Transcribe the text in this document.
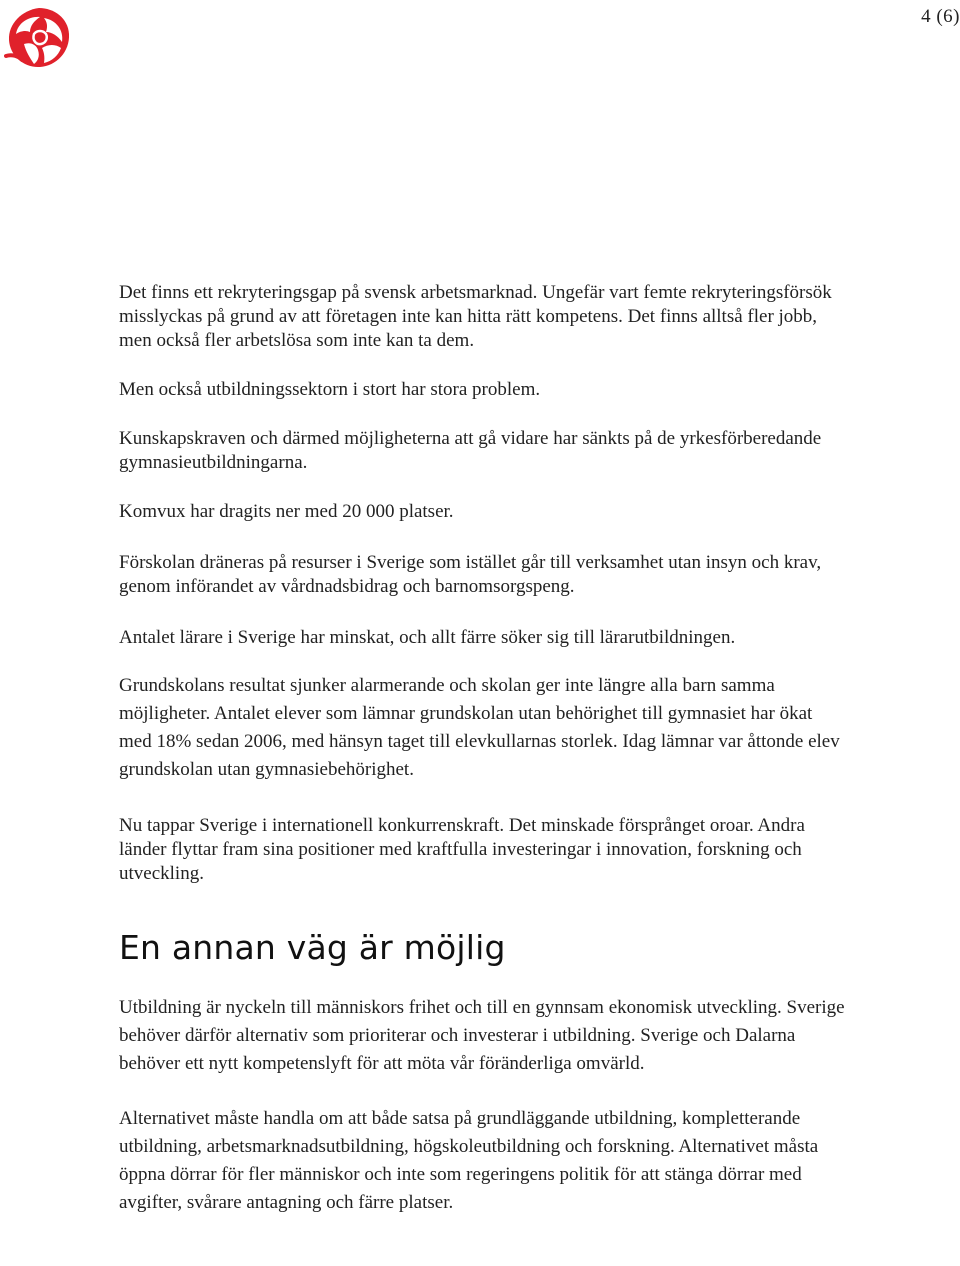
4 (6)

Det finns ett rekryteringsgap på svensk arbetsmarknad. Ungefär vart femte rekryteringsförsök misslyckas på grund av att företagen inte kan hitta rätt kompetens. Det finns alltså fler jobb, men också fler arbetslösa som inte kan ta dem.

Men också utbildningssektorn i stort har stora problem.

Kunskapskraven och därmed möjligheterna att gå vidare har sänkts på de yrkesförberedande gymnasieutbildningarna.

Komvux har dragits ner med 20 000 platser.

Förskolan dräneras på resurser i Sverige som istället går till verksamhet utan insyn och krav, genom införandet av vårdnadsbidrag och barnomsorgspeng.

Antalet lärare i Sverige har minskat, och allt färre söker sig till lärarutbildningen.

Grundskolans resultat sjunker alarmerande och skolan ger inte längre alla barn samma möjligheter. Antalet elever som lämnar grundskolan utan behörighet till gymnasiet har ökat med 18% sedan 2006, med hänsyn taget till elevkullarnas storlek. Idag lämnar var åttonde elev grundskolan utan gymnasiebehörighet.

Nu tappar Sverige i internationell konkurrenskraft. Det minskade försprånget oroar. Andra länder flyttar fram sina positioner med kraftfulla investeringar i innovation, forskning och utveckling.

En annan väg är möjlig

Utbildning är nyckeln till människors frihet och till en gynnsam ekonomisk utveckling. Sverige behöver därför alternativ som prioriterar och investerar i utbildning. Sverige och Dalarna behöver ett nytt kompetenslyft för att möta vår föränderliga omvärld.

Alternativet måste handla om att både satsa på grundläggande utbildning, kompletterande utbildning, arbetsmarknadsutbildning, högskoleutbildning och forskning. Alternativet måsta öppna dörrar för fler människor och inte som regeringens politik för att stänga dörrar med avgifter, svårare antagning och färre platser.
